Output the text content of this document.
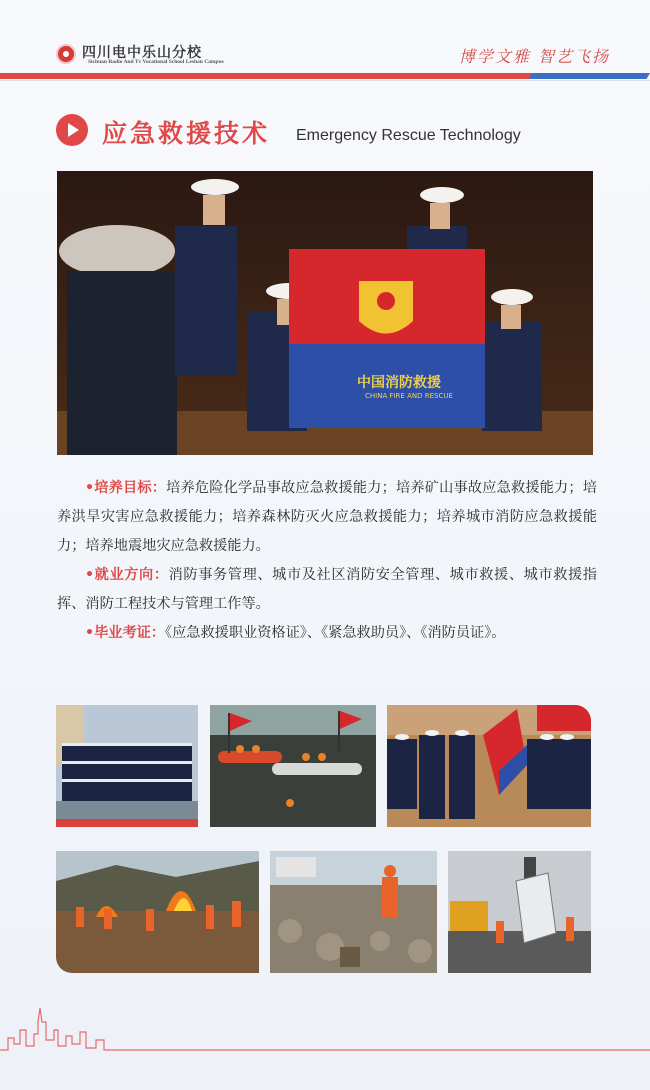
四川电中乐山分校
Sichuan Radio And Tv Vocational School Leshan Campus	博学文雅 智艺飞扬
应急救援技术 Emergency Rescue Technology
中国消防救援
CHINA FIRE AND RESCUE

•培养目标：培养危险化学品事故应急救援能力；培养矿山事故应急救援能力；培养洪旱灾害应急救援能力；培养森林防灭火应急救援能力；培养城市消防应急救援能力；培养地震地灾应急救援能力。

•就业方向：消防事务管理、城市及社区消防安全管理、城市救援、城市救援指挥、消防工程技术与管理工作等。

•毕业考证：《应急救援职业资格证》、《紧急救助员》、《消防员证》。
